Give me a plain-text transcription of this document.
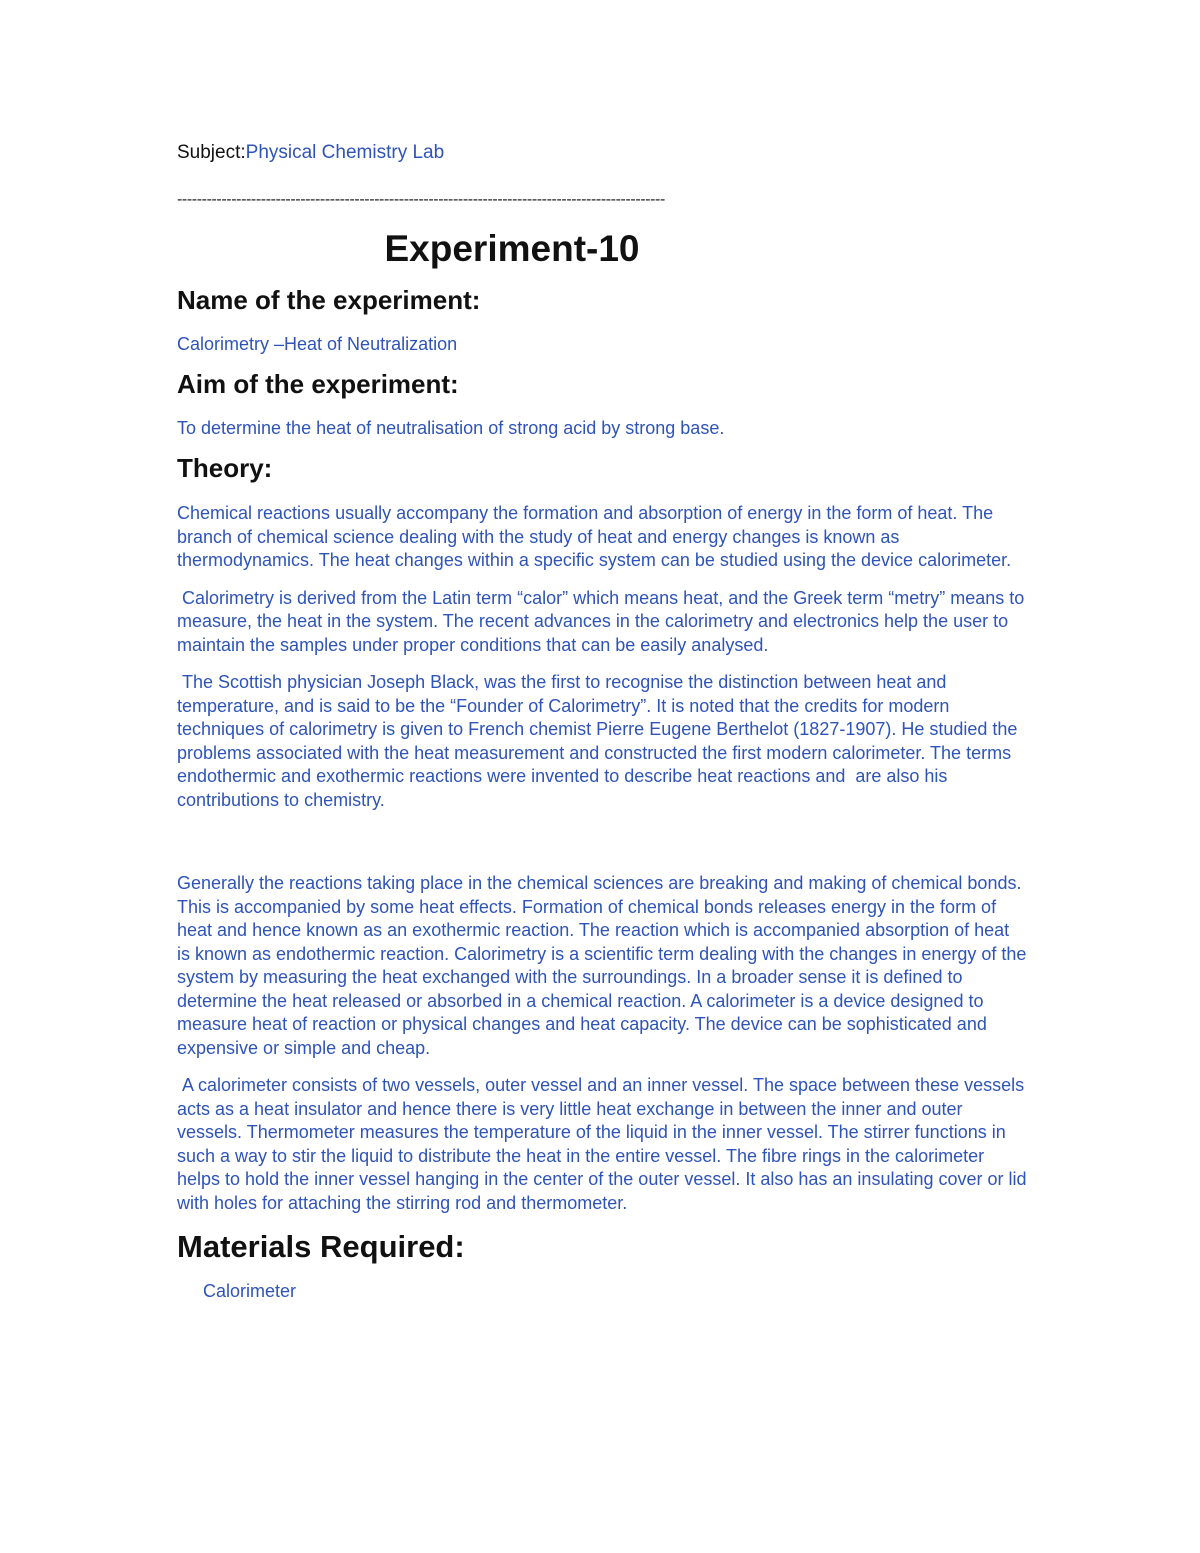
Subject:Physical Chemistry Lab

---------------------------------------------------------------------------------------------------
Experiment-10
Name of the experiment:

Calorimetry –Heat of Neutralization

Aim of the experiment:

To determine the heat of neutralisation of strong acid by strong base.

Theory:

Chemical reactions usually accompany the formation and absorption of energy in the form of heat. The branch of chemical science dealing with the study of heat and energy changes is known as thermodynamics. The heat changes within a specific system can be studied using the device calorimeter.

Calorimetry is derived from the Latin term “calor” which means heat, and the Greek term “metry” means to measure, the heat in the system. The recent advances in the calorimetry and electronics help the user to maintain the samples under proper conditions that can be easily analysed.

The Scottish physician Joseph Black, was the first to recognise the distinction between heat and temperature, and is said to be the “Founder of Calorimetry”. It is noted that the credits for modern techniques of calorimetry is given to French chemist Pierre Eugene Berthelot (1827-1907). He studied the problems associated with the heat measurement and constructed the first modern calorimeter. The terms endothermic and exothermic reactions were invented to describe heat reactions and  are also his contributions to chemistry.

Generally the reactions taking place in the chemical sciences are breaking and making of chemical bonds. This is accompanied by some heat effects. Formation of chemical bonds releases energy in the form of heat and hence known as an exothermic reaction. The reaction which is accompanied absorption of heat is known as endothermic reaction. Calorimetry is a scientific term dealing with the changes in energy of the system by measuring the heat exchanged with the surroundings. In a broader sense it is defined to determine the heat released or absorbed in a chemical reaction. A calorimeter is a device designed to measure heat of reaction or physical changes and heat capacity. The device can be sophisticated and expensive or simple and cheap.

A calorimeter consists of two vessels, outer vessel and an inner vessel. The space between these vessels acts as a heat insulator and hence there is very little heat exchange in between the inner and outer vessels. Thermometer measures the temperature of the liquid in the inner vessel. The stirrer functions in such a way to stir the liquid to distribute the heat in the entire vessel. The fibre rings in the calorimeter helps to hold the inner vessel hanging in the center of the outer vessel. It also has an insulating cover or lid with holes for attaching the stirring rod and thermometer.

Materials Required:

Calorimeter
